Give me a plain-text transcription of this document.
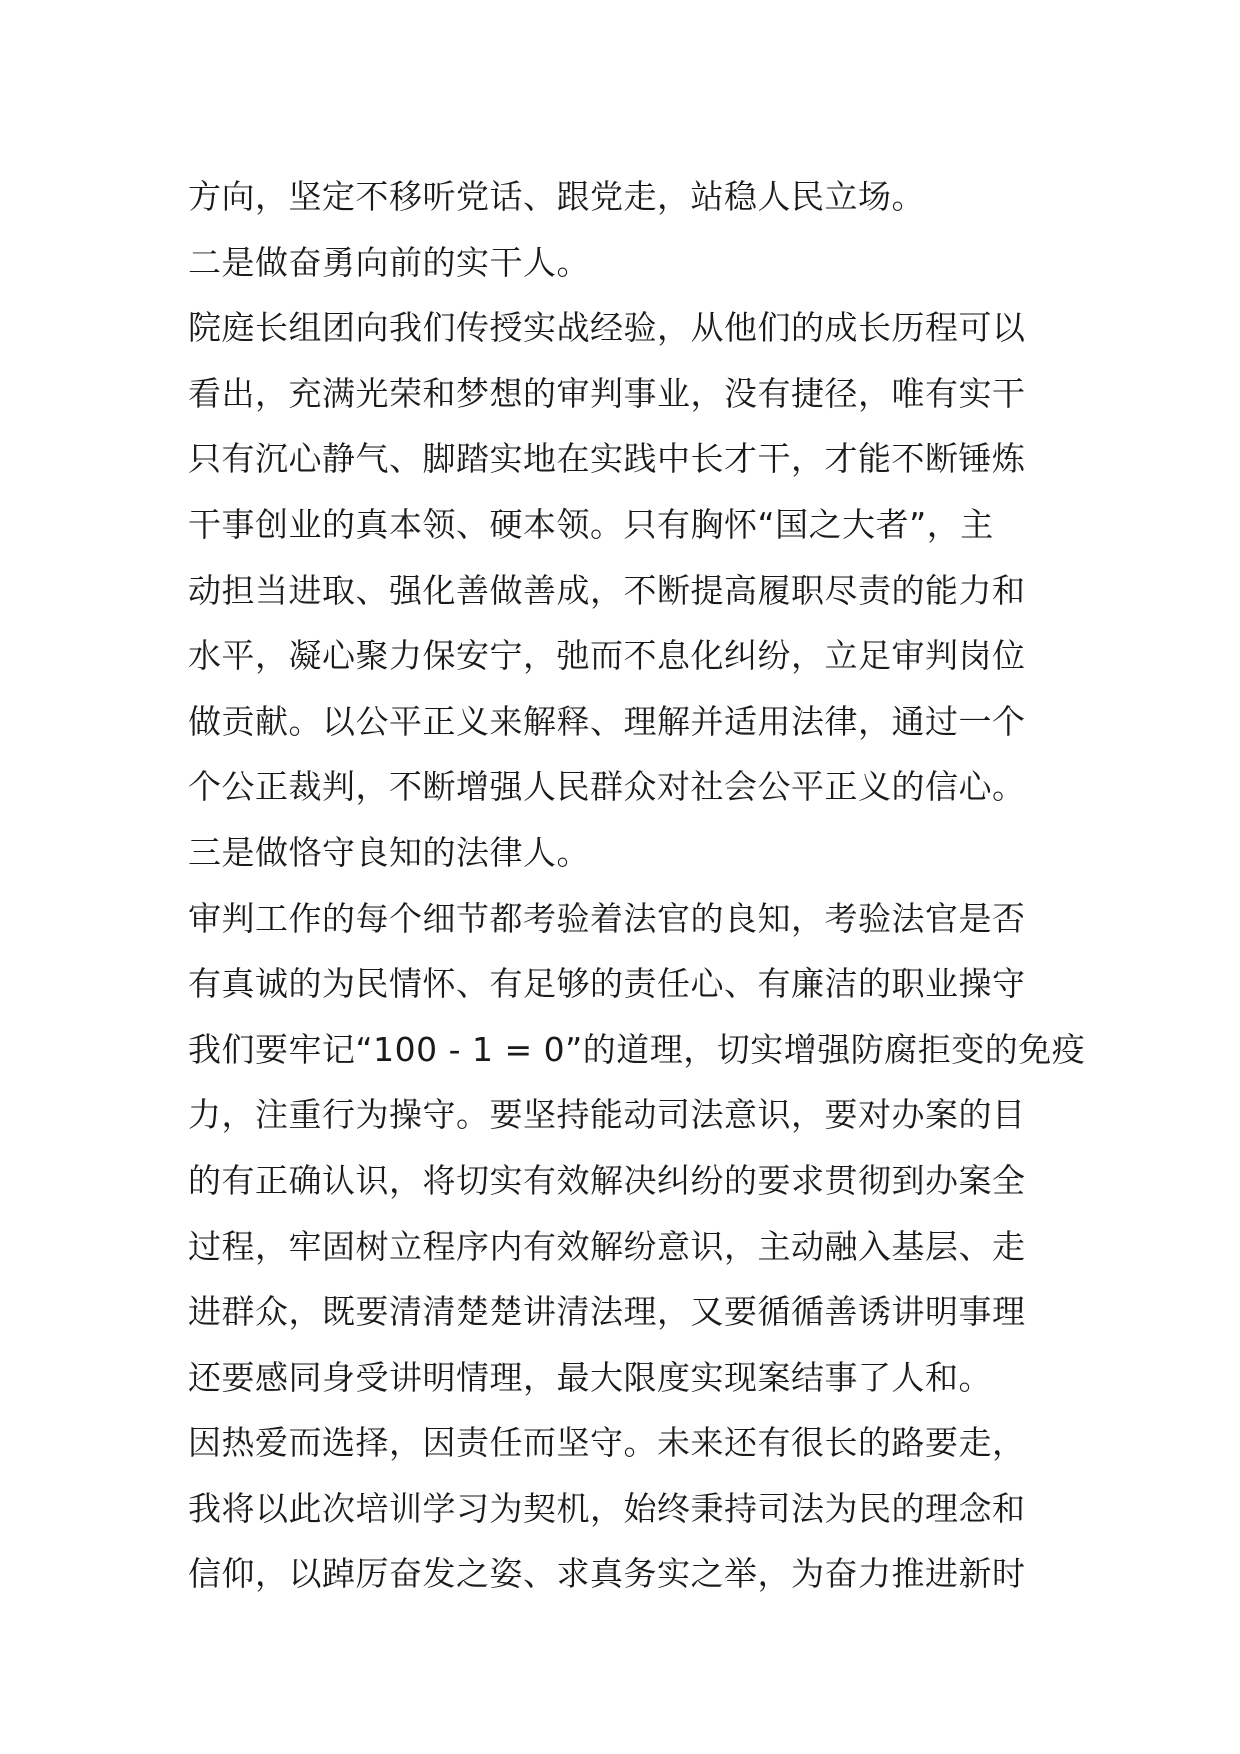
方向，坚定不移听党话、跟党走，站稳人民立场。
二是做奋勇向前的实干人。
院庭长组团向我们传授实战经验，从他们的成长历程可以
看出，充满光荣和梦想的审判事业，没有捷径，唯有实干
只有沉心静气、脚踏实地在实践中长才干，才能不断锤炼
干事创业的真本领、硬本领。只有胸怀“国之大者”，主
动担当进取、强化善做善成，不断提高履职尽责的能力和
水平，凝心聚力保安宁，弛而不息化纠纷，立足审判岗位
做贡献。以公平正义来解释、理解并适用法律，通过一个
个公正裁判，不断增强人民群众对社会公平正义的信心。
三是做恪守良知的法律人。
审判工作的每个细节都考验着法官的良知，考验法官是否
有真诚的为民情怀、有足够的责任心、有廉洁的职业操守
我们要牢记“100 - 1 = 0”的道理，切实增强防腐拒变的免疫
力，注重行为操守。要坚持能动司法意识，要对办案的目
的有正确认识，将切实有效解决纠纷的要求贯彻到办案全
过程，牢固树立程序内有效解纷意识，主动融入基层、走
进群众，既要清清楚楚讲清法理，又要循循善诱讲明事理
还要感同身受讲明情理，最大限度实现案结事了人和。
因热爱而选择，因责任而坚守。未来还有很长的路要走，
我将以此次培训学习为契机，始终秉持司法为民的理念和
信仰，以踔厉奋发之姿、求真务实之举，为奋力推进新时
